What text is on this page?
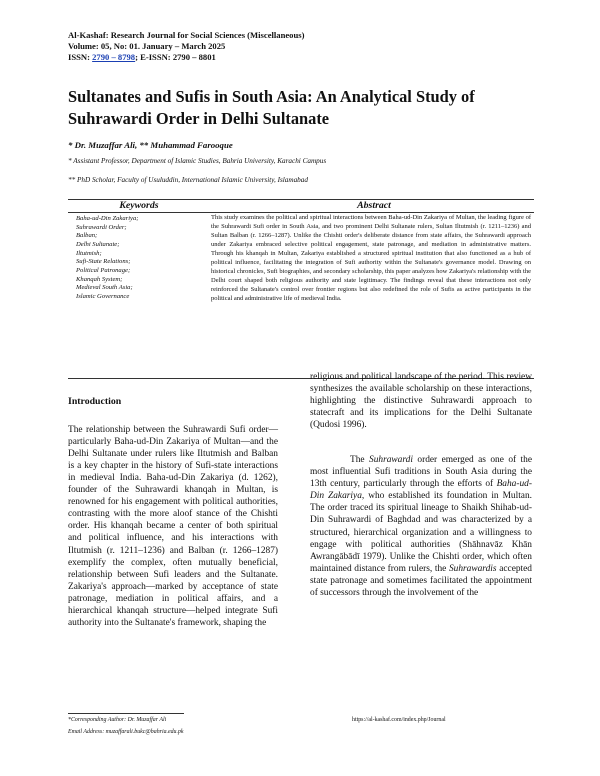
Al-Kashaf: Research Journal for Social Sciences (Miscellaneous)
Volume: 05, No: 01. January – March 2025
ISSN: 2790 – 8798; E-ISSN: 2790 – 8801
Sultanates and Sufis in South Asia: An Analytical Study of Suhrawardi Order in Delhi Sultanate
* Dr. Muzaffar Ali, ** Muhammad Farooque
* Assistant Professor, Department of Islamic Studies, Bahria University, Karachi Campus
** PhD Scholar, Faculty of Usuluddin, International Islamic University, Islamabad
Keywords	Abstract
Baha-ud-Din Zakariya;
Suhrawardi Order;
Balban;
Delhi Sultanate;
Iltutmish;
Sufi-State Relations;
Political Patronage;
Khanqah System;
Medieval South Asia;
Islamic Governance
This study examines the political and spiritual interactions between Baha-ud-Din Zakariya of Multan, the leading figure of the Suhrawardi Sufi order in South Asia, and two prominent Delhi Sultanate rulers, Sultan Iltutmish (r. 1211–1236) and Sultan Balban (r. 1266–1287). Unlike the Chishti order's deliberate distance from state affairs, the Suhrawardi approach under Zakariya embraced selective political engagement, state patronage, and mediation in administrative matters. Through his khanqah in Multan, Zakariya established a structured spiritual institution that also functioned as a hub of political influence, facilitating the integration of Sufi authority within the Sultanate's governance model. Drawing on historical chronicles, Sufi biographies, and secondary scholarship, this paper analyzes how Zakariya's relationship with the Delhi court shaped both religious authority and state legitimacy. The findings reveal that these interactions not only reinforced the Sultanate's control over frontier regions but also redefined the role of Sufis as active participants in the political and administrative life of medieval India.

Introduction

The relationship between the Suhrawardi Sufi order—particularly Baha-ud-Din Zakariya of Multan—and the Delhi Sultanate under rulers like Iltutmish and Balban is a key chapter in the history of Sufi-state interactions in medieval India. Baha-ud-Din Zakariya (d. 1262), founder of the Suhrawardi khanqah in Multan, is renowned for his engagement with political authorities, contrasting with the more aloof stance of the Chishti order. His khanqah became a center of both spiritual and political influence, and his interactions with Iltutmish (r. 1211–1236) and Balban (r. 1266–1287) exemplify the complex, often mutually beneficial, relationship between Sufi leaders and the Sultanate. Zakariya's approach—marked by acceptance of state patronage, mediation in political affairs, and a hierarchical khanqah structure—helped integrate Sufi authority into the Sultanate's framework, shaping the

religious and political landscape of the period. This review synthesizes the available scholarship on these interactions, highlighting the distinctive Suhrawardi approach to statecraft and its implications for the Delhi Sultanate (Qudosi 1996).

The Suhrawardi order emerged as one of the most influential Sufi traditions in South Asia during the 13th century, particularly through the efforts of Baha-ud-Din Zakariya, who established its foundation in Multan. The order traced its spiritual lineage to Shaikh Shihab-ud-Din Suhrawardi of Baghdad and was characterized by a structured, hierarchical organization and a willingness to engage with political authorities (Shāhnavāz Khān Awrangābādī 1979). Unlike the Chishti order, which often maintained distance from rulers, the Suhrawardis accepted state patronage and sometimes facilitated the appointment of successors through the involvement of the

*Corresponding Author: Dr. Muzaffar Ali
Email Address: muzaffarali.bukc@bahria.edu.pk
https://al-kashaf.com/index.php/Journal
